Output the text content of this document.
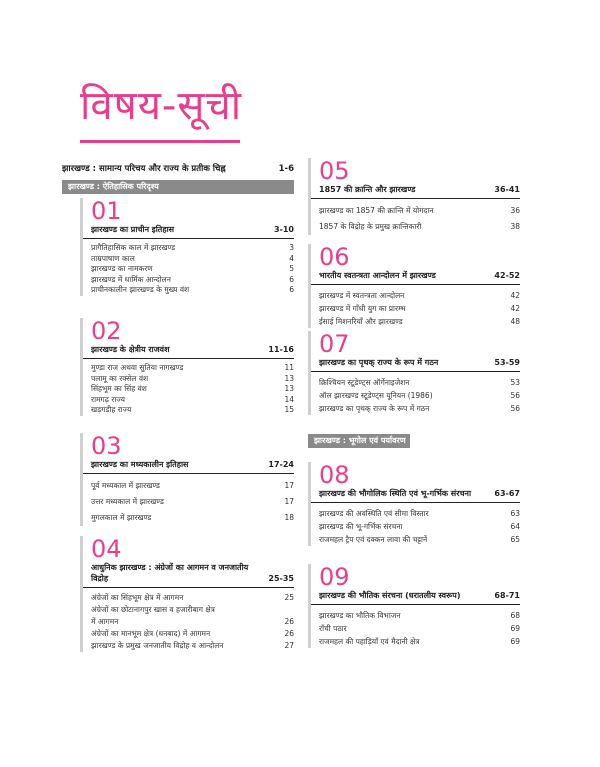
विषय-सूची
झारखण्ड : सामान्य परिचय और राज्य के प्रतीक चिह्न	1-6
झारखण्ड : ऐतिहासिक परिदृश्य
झारखण्ड : भूगोल एवं पर्यावरण
01
झारखण्ड का प्राचीन इतिहास	3-10
प्रागैतिहासिक काल में झारखण्ड	3
ताम्रपाषाण काल	4
झारखण्ड का नामकरण	5
झारखण्ड में धार्मिक आन्दोलन	6
प्राचीनकालीन झारखण्ड के मुख्य वंश	6
02
झारखण्ड के क्षेत्रीय राजवंश	11-16
मुण्डा राज अथवा सुतिया नागखण्ड	11
पलामू का रक्सेल वंश	13
सिंहभूम का सिंह वंश	13
रामगढ़ राज्य	14
खड़गडीह राज्य	15
03
झारखण्ड का मध्यकालीन इतिहास	17-24
पूर्व मध्यकाल में झारखण्ड	17
उत्तर मध्यकाल में झारखण्ड	17
मुगलकाल में झारखण्ड	18
04
आधुनिक झारखण्ड : अंग्रेजों का आगमन व जनजातीय विद्रोह	25-35
अंग्रेजों का सिंहभूम क्षेत्र में आगमन	25
अंग्रेजों का छोटानागपुर खास व हजारीबाग क्षेत्र
में आगमन	26
अंग्रेजों का मानभूम क्षेत्र (धनबाद) में आगमन	26
झारखण्ड के प्रमुख जनजातीय विद्रोह व आन्दोलन	27
05
1857 की क्रान्ति और झारखण्ड	36-41
झारखण्ड का 1857 की क्रान्ति में योगदान	36
1857 के विद्रोह के प्रमुख क्रान्तिकारी	38
06
भारतीय स्वतन्त्रता आन्दोलन में झारखण्ड	42-52
झारखण्ड में स्वतन्त्रता आन्दोलन	42
झारखण्ड में गाँधी युग का प्रारम्भ	42
ईसाई मिशनरियाँ और झारखण्ड	48
07
झारखण्ड का पृथक् राज्य के रूप में गठन	53-59
क्रिश्चियन स्टूडेण्ट्स ऑर्गेनाइजेशन	53
ऑल झारखण्ड स्टूडेण्ट्स यूनियन (1986)	56
झारखण्ड का पृथक् राज्य के रूप में गठन	56
08
झारखण्ड की भौगोलिक स्थिति एवं भू-गर्भिक संरचना	63-67
झारखण्ड की अवस्थिति एवं सीमा विस्तार	63
झारखण्ड की भू-गर्भिक संरचना	64
राजमहल ट्रैप एवं दक्कन लावा की चट्टानें	65
09
झारखण्ड की भौतिक संरचना (धरातलीय स्वरूप)	68-71
झारखण्ड का भौतिक विभाजन	68
राँची पठार	69
राजमहल की पहाड़ियाँ एवं मैदानी क्षेत्र	69
